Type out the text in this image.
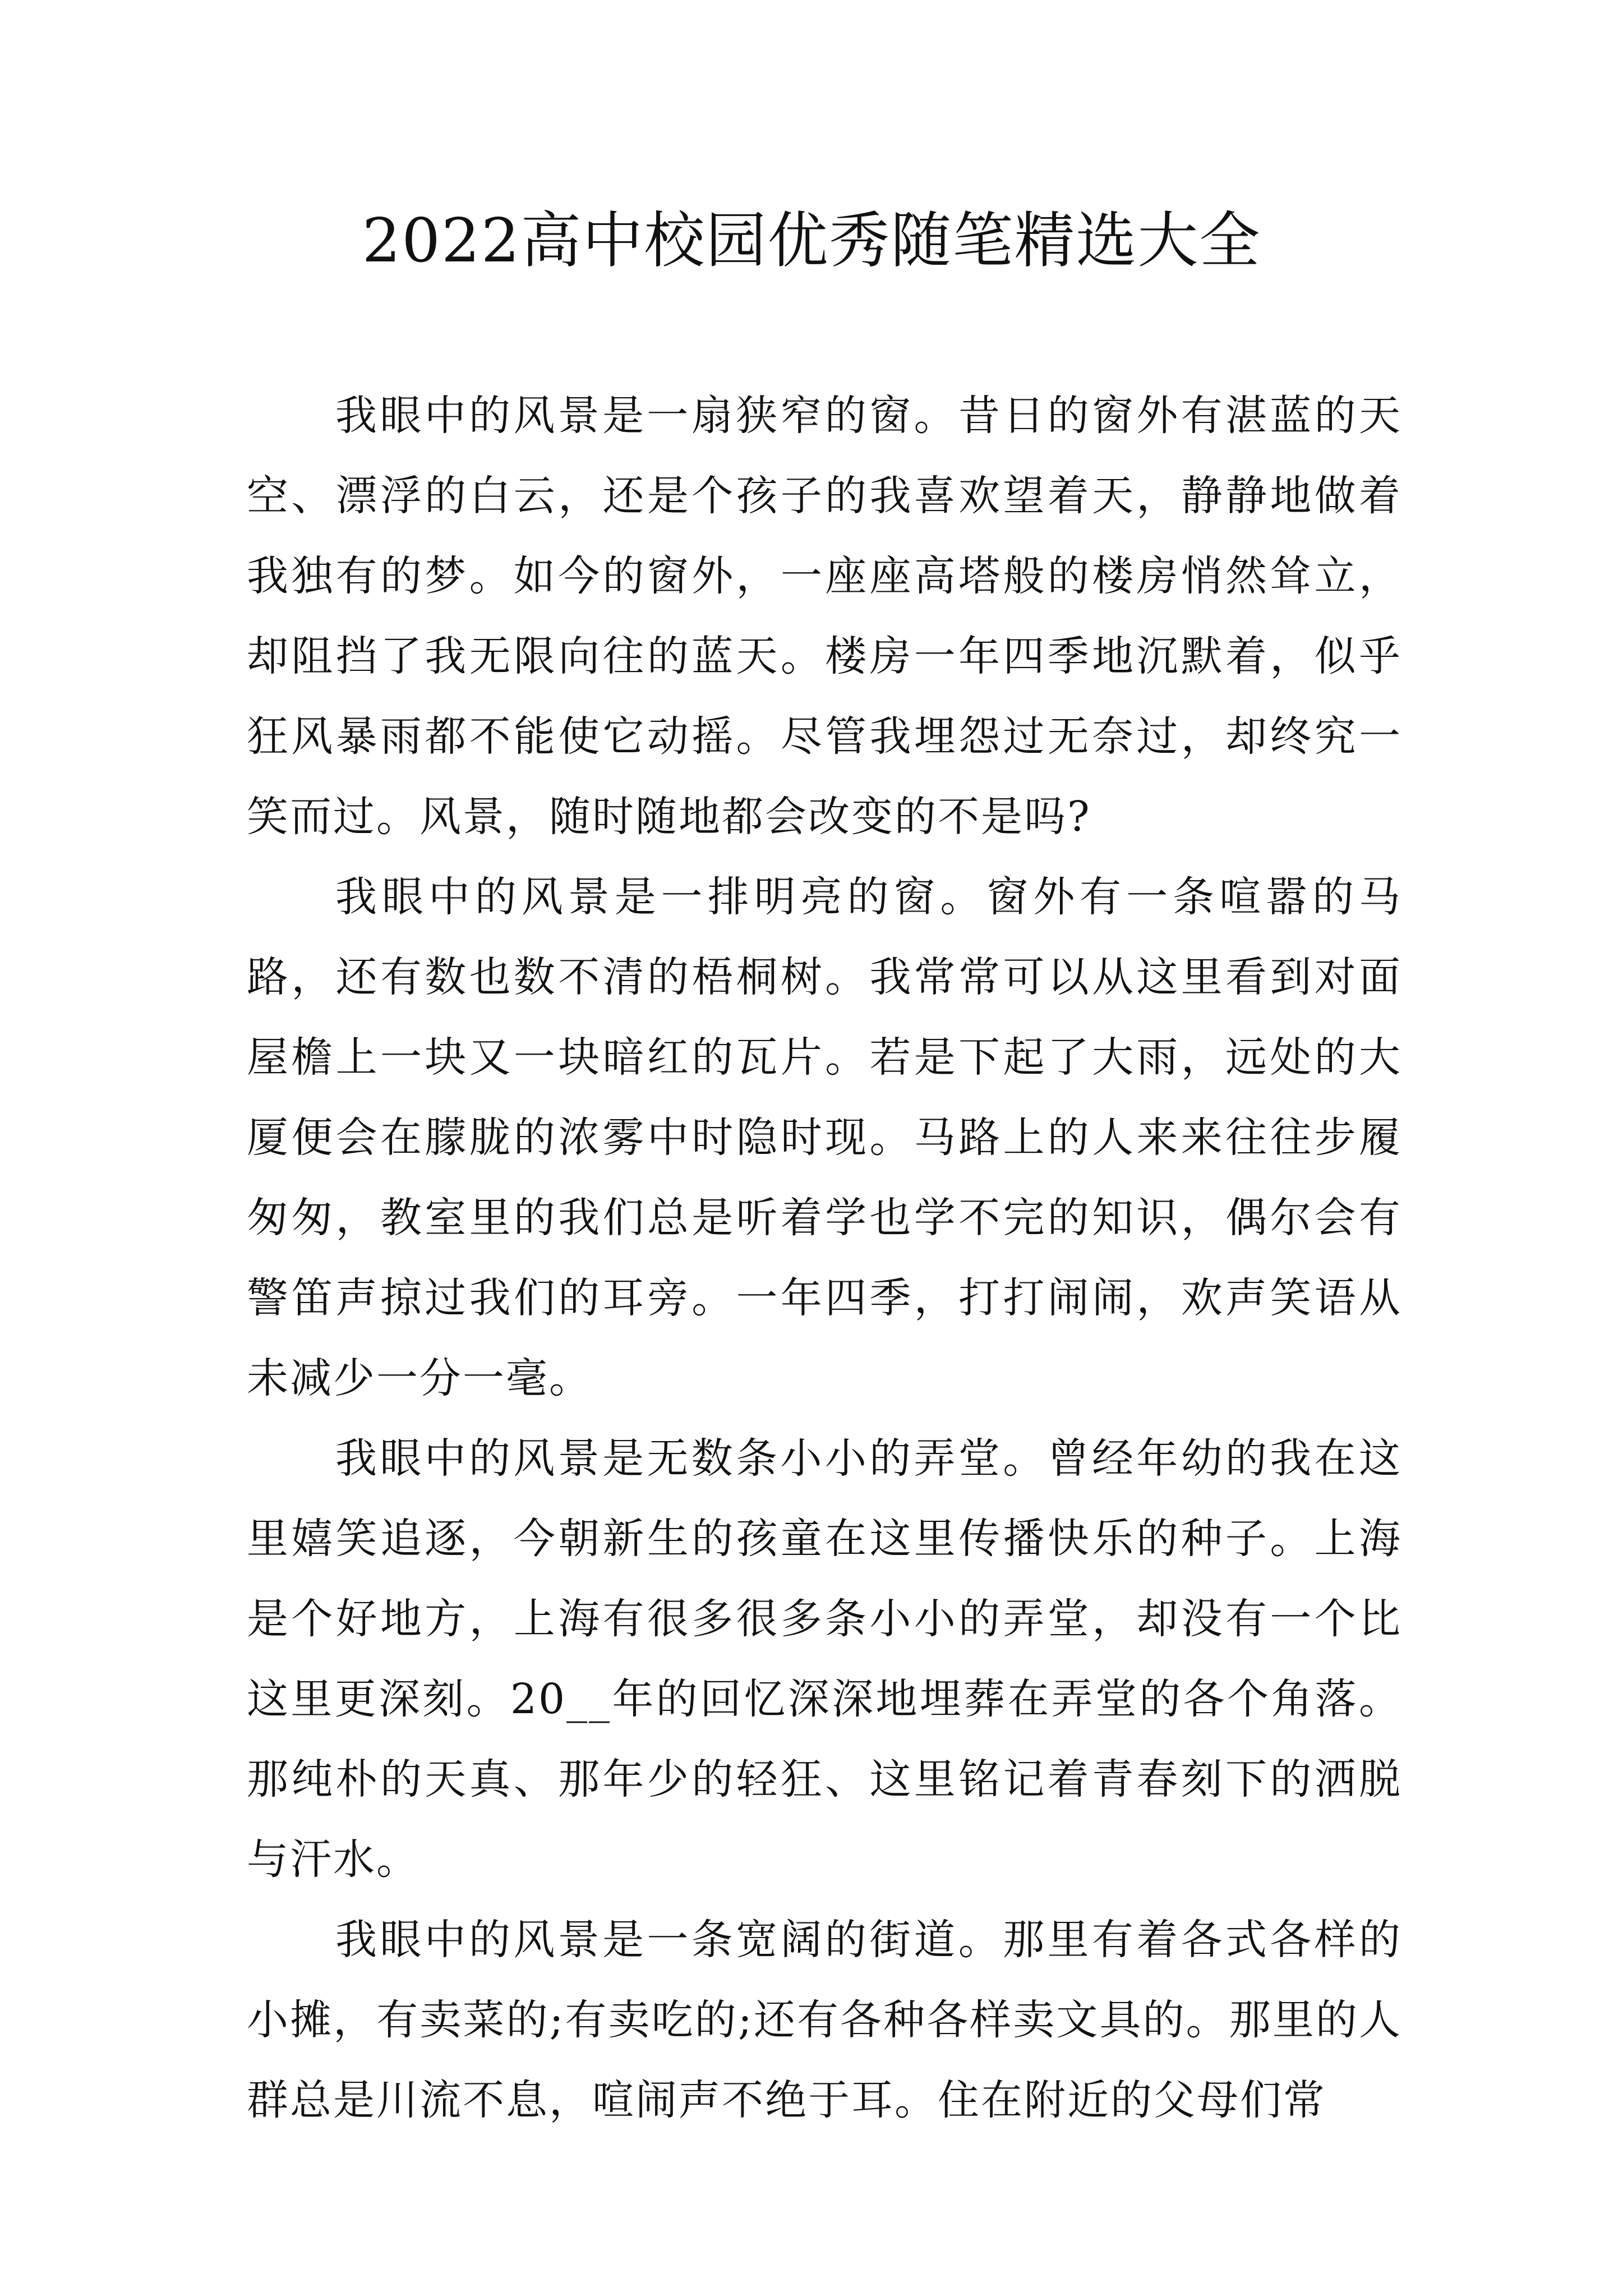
2022高中校园优秀随笔精选大全

我眼中的风景是一扇狭窄的窗。昔日的窗外有湛蓝的天空、漂浮的白云，还是个孩子的我喜欢望着天，静静地做着我独有的梦。如今的窗外，一座座高塔般的楼房悄然耸立，却阻挡了我无限向往的蓝天。楼房一年四季地沉默着，似乎狂风暴雨都不能使它动摇。尽管我埋怨过无奈过，却终究一笑而过。风景，随时随地都会改变的不是吗?

我眼中的风景是一排明亮的窗。窗外有一条喧嚣的马路，还有数也数不清的梧桐树。我常常可以从这里看到对面屋檐上一块又一块暗红的瓦片。若是下起了大雨，远处的大厦便会在朦胧的浓雾中时隐时现。马路上的人来来往往步履匆匆，教室里的我们总是听着学也学不完的知识，偶尔会有警笛声掠过我们的耳旁。一年四季，打打闹闹，欢声笑语从未减少一分一毫。

我眼中的风景是无数条小小的弄堂。曾经年幼的我在这里嬉笑追逐，今朝新生的孩童在这里传播快乐的种子。上海是个好地方，上海有很多很多条小小的弄堂，却没有一个比这里更深刻。20__年的回忆深深地埋葬在弄堂的各个角落。那纯朴的天真、那年少的轻狂、这里铭记着青春刻下的洒脱与汗水。

我眼中的风景是一条宽阔的街道。那里有着各式各样的小摊，有卖菜的;有卖吃的;还有各种各样卖文具的。那里的人群总是川流不息，喧闹声不绝于耳。住在附近的父母们常
